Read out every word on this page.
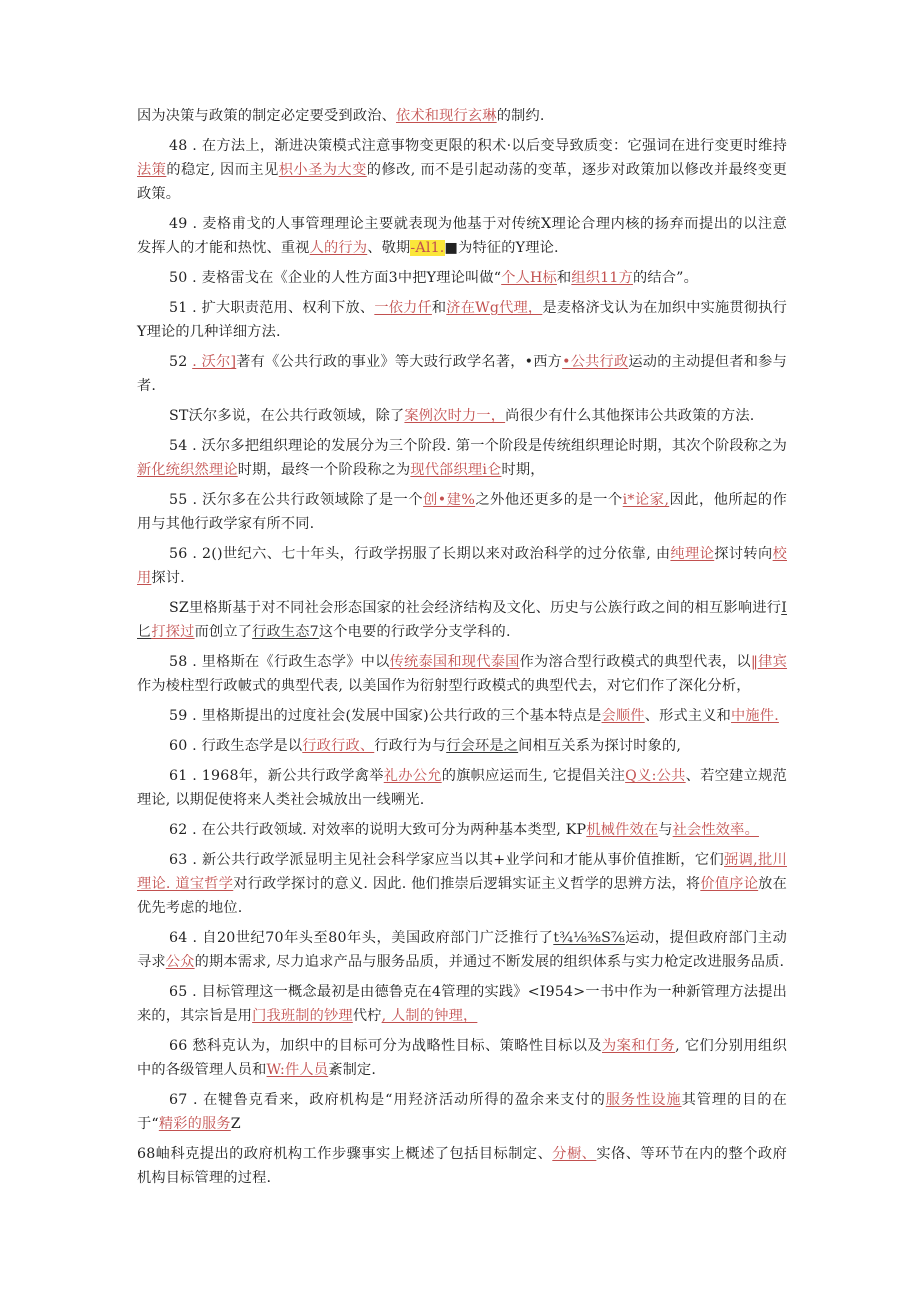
因为决策与政策的制定必定要受到政治、依术和现行玄琳的制约.

48 . 在方法上，渐进决策模式注意事物变更限的积术·以后变导致质变：它强词在进行变更时维持法策的稳定, 因而主见枳小圣为大变的修改, 而不是引起动荡的变革，逐步对政策加以修改并最终变更政策。

49 . 麦格甫戈的人事管理理论主要就表现为他基于对传统X理论合理内核的扬弃而提出的以注意发挥人的才能和热忱、重视人的行为、敬期-Al1.■为特征的Y理论.

50 . 麦格雷戈在《企业的人性方面3中把Y理论叫做“个人H标和组织11方的结合”。

51 . 扩大职责范用、权利下放、一依力仟和济在Wg代理，是麦格济戈认为在加织中实施贯彻执行Y理论的几种详细方法.

52 . 沃尔]著有《公共行政的事业》等大豉行政学名著，•西方•公共行政运动的主动提但者和参与者.

ST沃尔多说，在公共行政领域，除了案例次时力一，尚很少有什么其他探讳公共政策的方法.

54 . 沃尔多把组织理论的发展分为三个阶段. 第一个阶段是传统组织理论时期，其次个阶段称之为新化统织然理论时期，最终一个阶段称之为现代郃织理i仑时期，

55 . 沃尔多在公共行政领域除了是一个创•建%之外他还更多的是一个i*论家,因此，他所起的作用与其他行政学家有所不同.

56 . 2()世纪六、七十年头，行政学拐服了长期以来对政治科学的过分依靠, 由纯理论探讨转向校用探讨.

SZ里格斯基于对不同社会形态国家的社会经济结构及文化、历史与公族行政之间的相互影响进行I匕打探过而创立了行政生态7这个电要的行政学分支学科的.

58 . 里格斯在《行政生态学》中以传统泰国和现代泰国作为溶合型行政模式的典型代表，以‖律宾作为棱柱型行政帔式的典型代表, 以美国作为衍射型行政模式的典型代去，对它们作了深化分析，

59 . 里格斯提出的过度社会(发展中国家)公共行政的三个基本特点是会顺件、形式主义和中施件.

60 . 行政生态学是以行政行政、行政行为与行会环是之间相互关系为探讨时象的,

61 . 1968年，新公共行政学禽举礼办公允的旗帜应运而生, 它提倡关注Q义:公共、若空建立规范理论, 以期促使将来人类社会城放出一线嗍光.

62 . 在公共行政领域. 对效率的说明大致可分为两种基本类型, KP机械件效在与社会性效率。

63 . 新公共行政学派显明主见社会科学家应当以其+业学问和才能从事价值推断，它们弼调,批川理论. 道宝哲学对行政学探讨的意义. 因此. 他们推崇后逻辑实证主义哲学的思辨方法，将价值序论放在优先考虑的地位.

64 . 自20世纪70年头至80年头，美国政府部门广泛推行了t¾⅛⅜S⅞运动，提但政府部门主动寻求公众的期本需求, 尽力追求产品与服务品质，并通过不断发展的组织体系与实力枪定改进服务品质.

65 . 目标管理这一概念最初是由德鲁克在4管理的实践》<I954>一书中作为一种新管理方法提出来的，其宗旨是用门我班制的钞理代柠, 人制的钟理，

66 愁科克认为，加织中的目标可分为战略性目标、策略性目标以及为案和仃务, 它们分别用组织中的各级管理人员和W:件人员紊制定.

67 . 在犍鲁克看来，政府机构是“用羟济活动所得的盈余来支付的服务性设施其管理的目的在于“精彩的服务Z

68岫科克提出的政府机构工作步骤事实上概述了包括目标制定、分橱、实佫、等环节在内的整个政府机构目标管理的过程.
